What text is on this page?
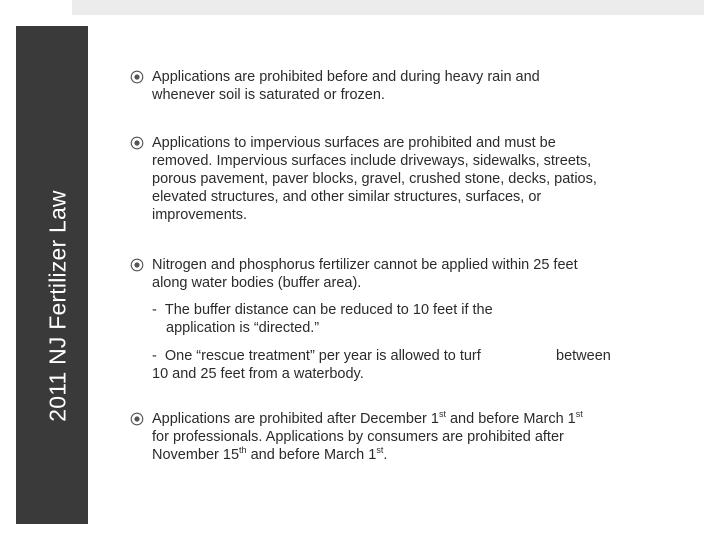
2011 NJ Fertilizer Law
Applications are prohibited before and during heavy rain and whenever soil is saturated or frozen.
Applications to impervious surfaces are prohibited and must be removed. Impervious surfaces include driveways, sidewalks, streets, porous pavement, paver blocks, gravel, crushed stone, decks, patios, elevated structures, and other similar structures, surfaces, or improvements.
Nitrogen and phosphorus fertilizer cannot be applied within 25 feet along water bodies (buffer area).
- The buffer distance can be reduced to 10 feet if the
application is “directed.”
- One “rescue treatment” per year is allowed to turf	between
10 and 25 feet from a waterbody.
Applications are prohibited after December 1st and before March 1st for professionals. Applications by consumers are prohibited after November 15th and before March 1st.
